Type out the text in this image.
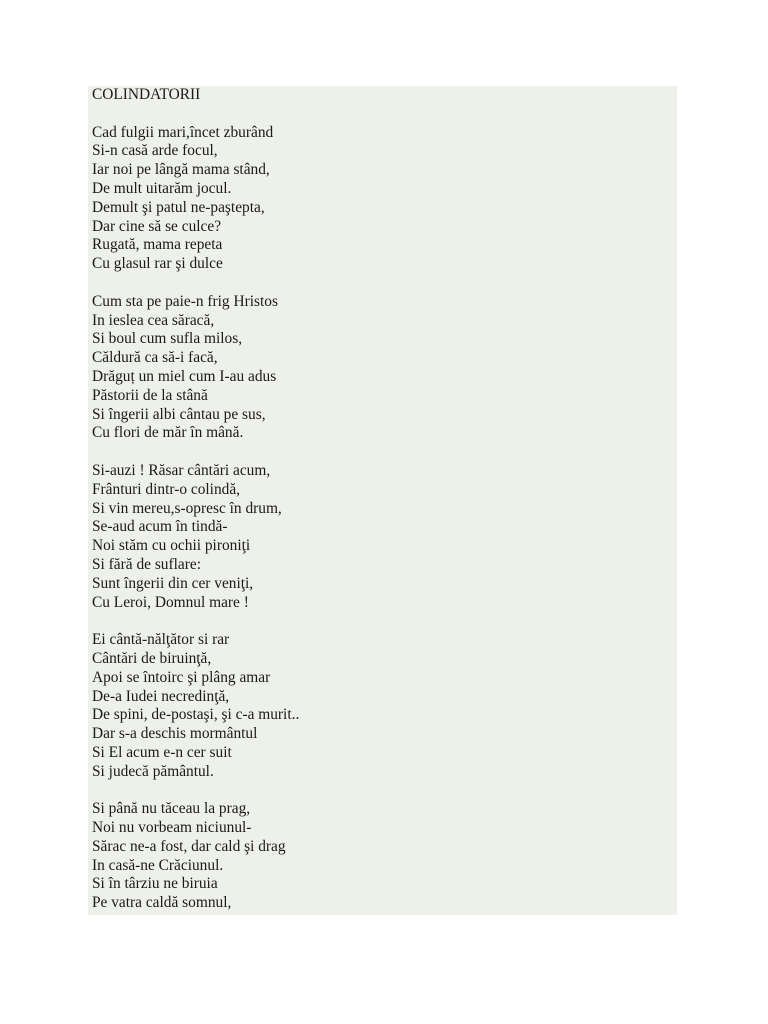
COLINDATORII
Cad fulgii mari,încet zburând
Si-n casă arde focul,
Iar noi pe lângă mama stând,
De mult uitarăm jocul.
Demult şi patul ne-paştepta,
Dar cine să se culce?
Rugată, mama repeta
Cu glasul rar şi dulce
Cum sta pe paie-n frig Hristos
In ieslea cea săracă,
Si boul cum sufla milos,
Căldură ca să-i facă,
Drăguț un miel cum I-au adus
Păstorii de la stână
Si îngerii albi cântau pe sus,
Cu flori de măr în mână.
Si-auzi ! Răsar cântări acum,
Frânturi dintr-o colindă,
Si vin mereu,s-opresc în drum,
Se-aud acum în tindă-
Noi stăm cu ochii pironiţi
Si fără de suflare:
Sunt îngerii din cer veniţi,
Cu Leroi, Domnul mare !
Ei cântă-nălţător si rar
Cântări de biruinţă,
Apoi se întoirc şi plâng amar
De-a Iudei necredinţă,
De spini, de-postaşi, şi c-a murit..
Dar s-a deschis mormântul
Si El acum e-n cer suit
Si judecă pământul.
Si până nu tăceau la prag,
Noi nu vorbeam niciunul-
Sărac ne-a fost, dar cald şi drag
In casă-ne Crăciunul.
Si în târziu ne biruia
Pe vatra caldă somnul,
